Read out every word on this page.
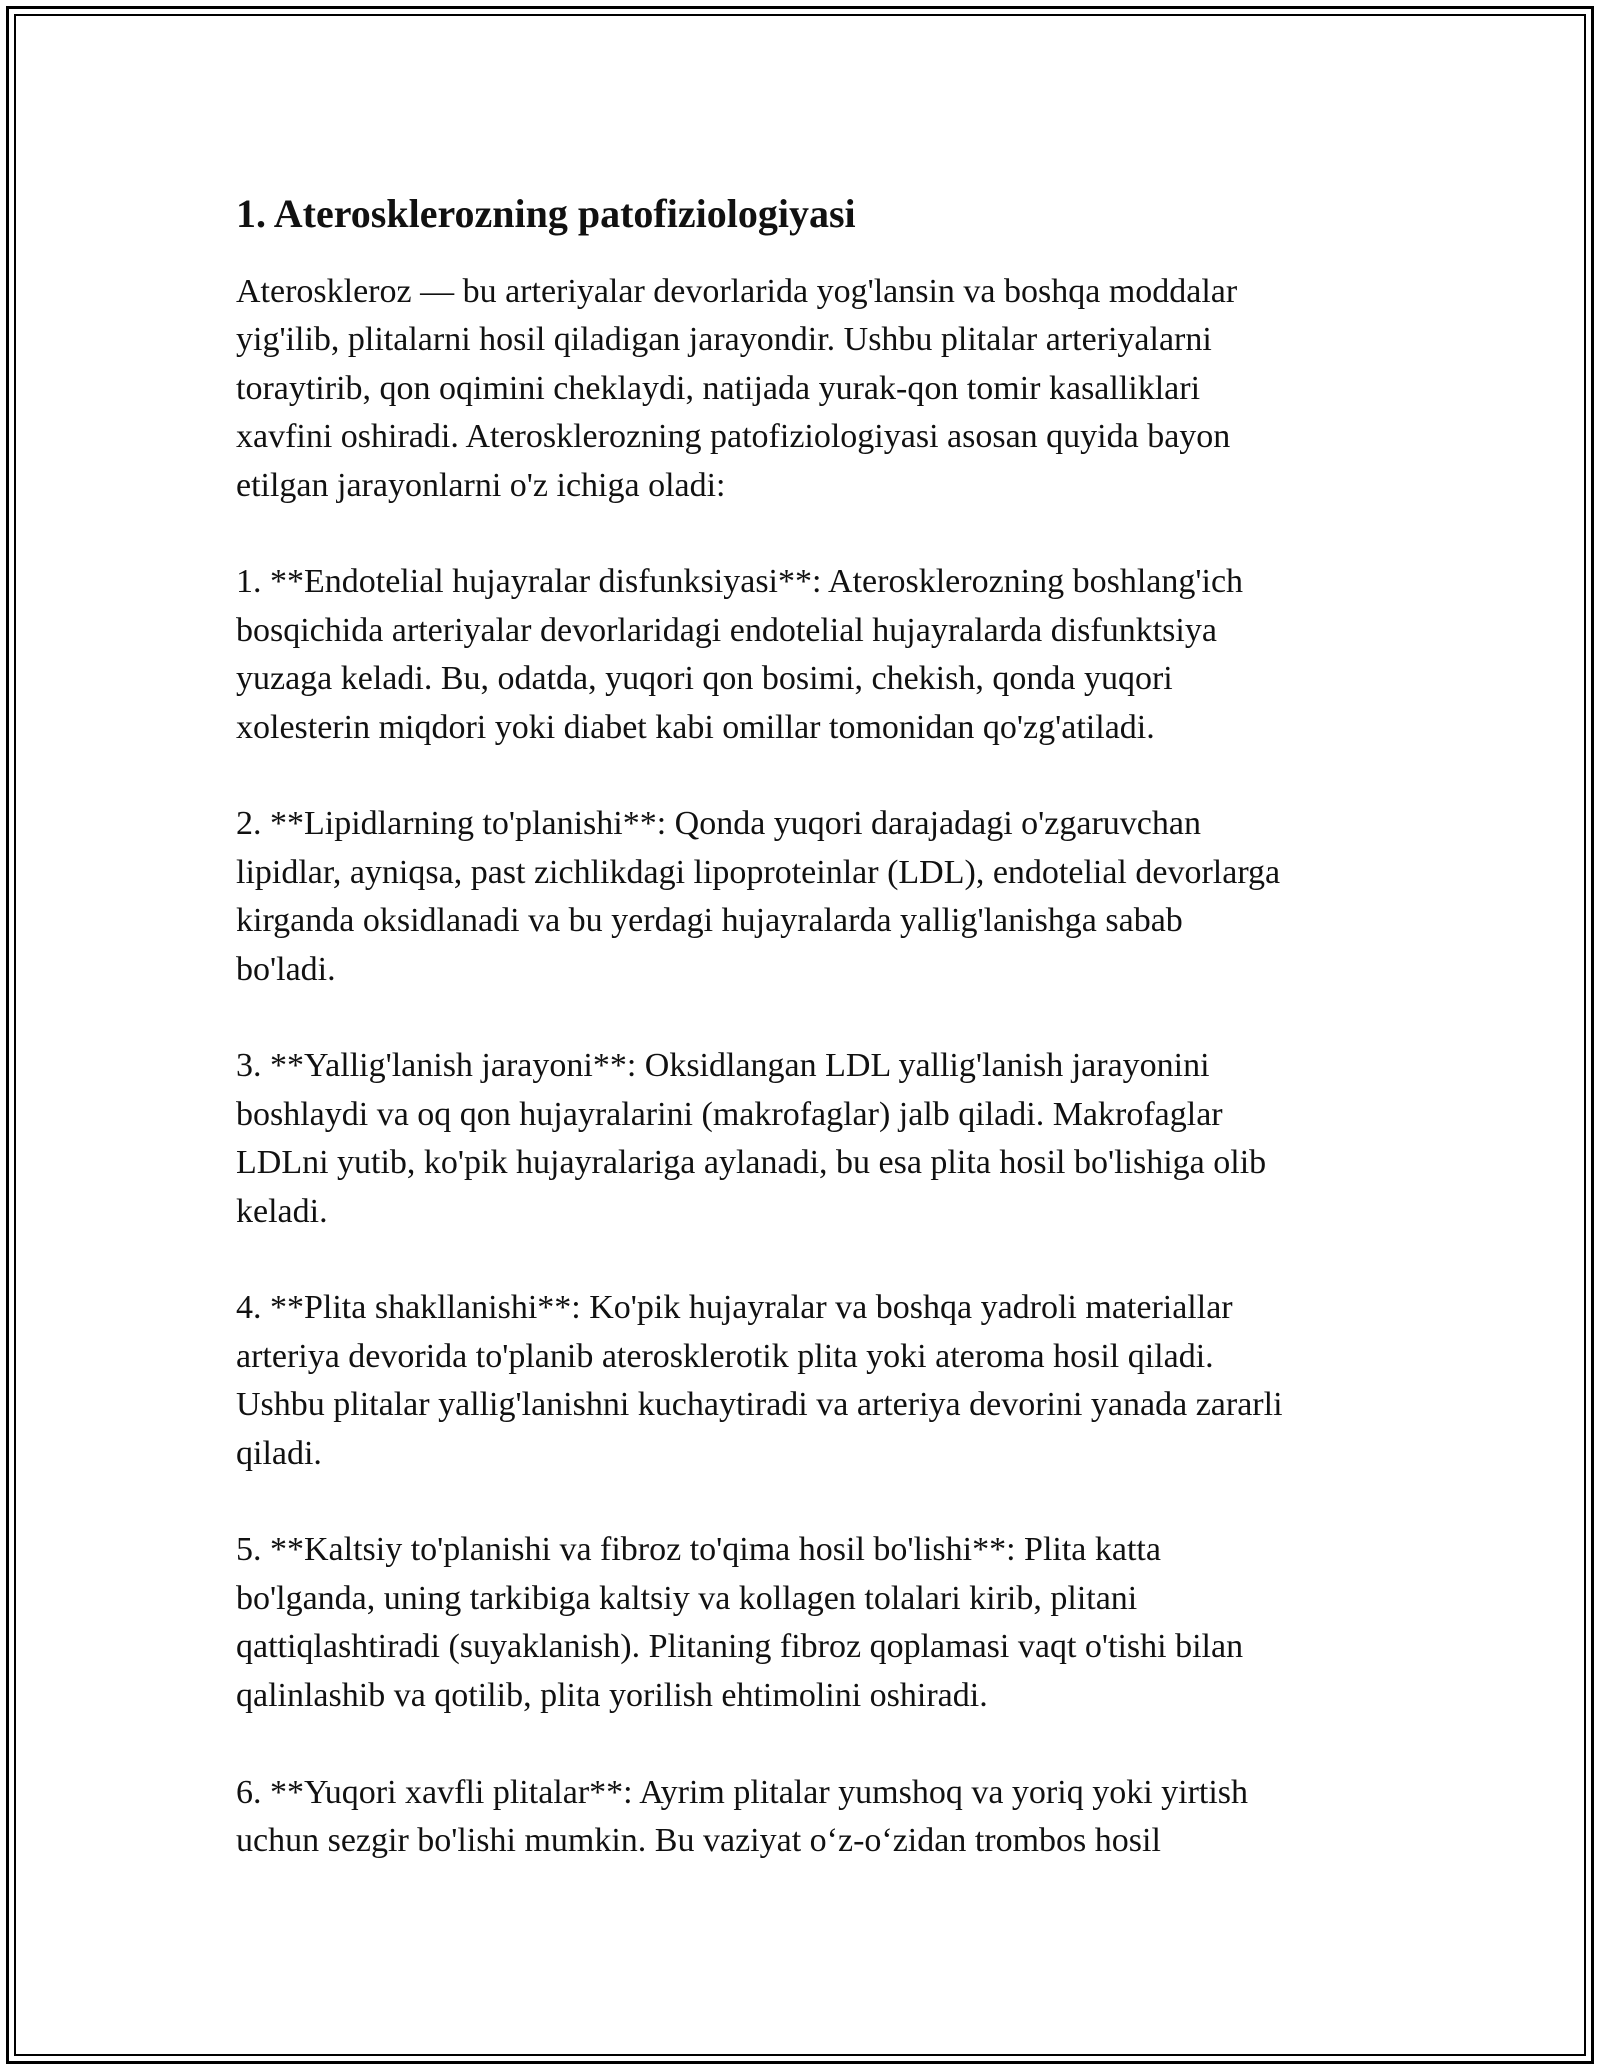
1. Aterosklerozning patofiziologiyasi

Ateroskleroz — bu arteriyalar devorlarida yog'lansin va boshqa moddalar
yig'ilib, plitalarni hosil qiladigan jarayondir. Ushbu plitalar arteriyalarni
toraytirib, qon oqimini cheklaydi, natijada yurak-qon tomir kasalliklari
xavfini oshiradi. Aterosklerozning patofiziologiyasi asosan quyida bayon
etilgan jarayonlarni o'z ichiga oladi:

1. **Endotelial hujayralar disfunksiyasi**: Aterosklerozning boshlang'ich
bosqichida arteriyalar devorlaridagi endotelial hujayralarda disfunktsiya
yuzaga keladi. Bu, odatda, yuqori qon bosimi, chekish, qonda yuqori
xolesterin miqdori yoki diabet kabi omillar tomonidan qo'zg'atiladi.

2. **Lipidlarning to'planishi**: Qonda yuqori darajadagi o'zgaruvchan
lipidlar, ayniqsa, past zichlikdagi lipoproteinlar (LDL), endotelial devorlarga
kirganda oksidlanadi va bu yerdagi hujayralarda yallig'lanishga sabab
bo'ladi.

3. **Yallig'lanish jarayoni**: Oksidlangan LDL yallig'lanish jarayonini
boshlaydi va oq qon hujayralarini (makrofaglar) jalb qiladi. Makrofaglar
LDLni yutib, ko'pik hujayralariga aylanadi, bu esa plita hosil bo'lishiga olib
keladi.

4. **Plita shakllanishi**: Ko'pik hujayralar va boshqa yadroli materiallar
arteriya devorida to'planib aterosklerotik plita yoki ateroma hosil qiladi.
Ushbu plitalar yallig'lanishni kuchaytiradi va arteriya devorini yanada zararli
qiladi.

5. **Kaltsiy to'planishi va fibroz to'qima hosil bo'lishi**: Plita katta
bo'lganda, uning tarkibiga kaltsiy va kollagen tolalari kirib, plitani
qattiqlashtiradi (suyaklanish). Plitaning fibroz qoplamasi vaqt o'tishi bilan
qalinlashib va qotilib, plita yorilish ehtimolini oshiradi.

6. **Yuqori xavfli plitalar**: Ayrim plitalar yumshoq va yoriq yoki yirtish
uchun sezgir bo'lishi mumkin. Bu vaziyat o‘z-o‘zidan trombos hosil
